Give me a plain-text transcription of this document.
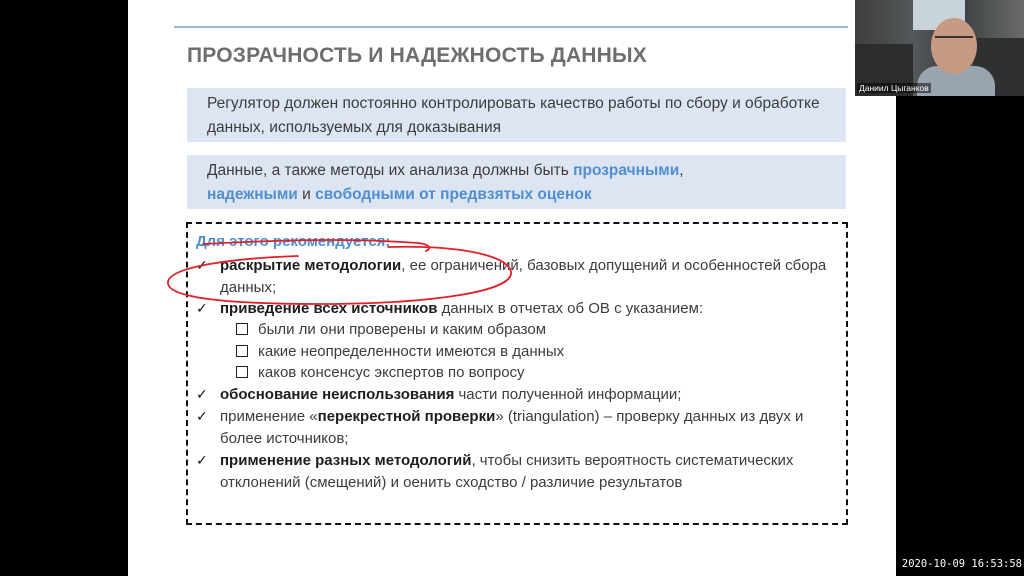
ПРОЗРАЧНОСТЬ И НАДЕЖНОСТЬ ДАННЫХ
Регулятор должен постоянно контролировать качество работы по сбору и обработке данных, используемых для доказывания
Данные, а также методы их анализа должны быть прозрачными,
надежными и свободными от предвзятых оценок
Для этого рекомендуется:
✓ раскрытие методологии, ее ограничений, базовых допущений и особенностей сбора данных;
✓ приведение всех источников данных в отчетах об ОВ с указанием:
были ли они проверены и каким образом
какие неопределенности имеются в данных
каков консенсус экспертов по вопросу
✓ обоснование неиспользования части полученной информации;
✓ применение «перекрестной проверки» (triangulation) – проверку данных из двух и более источников;
✓ применение разных методологий, чтобы снизить вероятность систематических отклонений (смещений) и оенить сходство / различие результатов
Даниил Цыганков
2020-10-09 16:53:58
